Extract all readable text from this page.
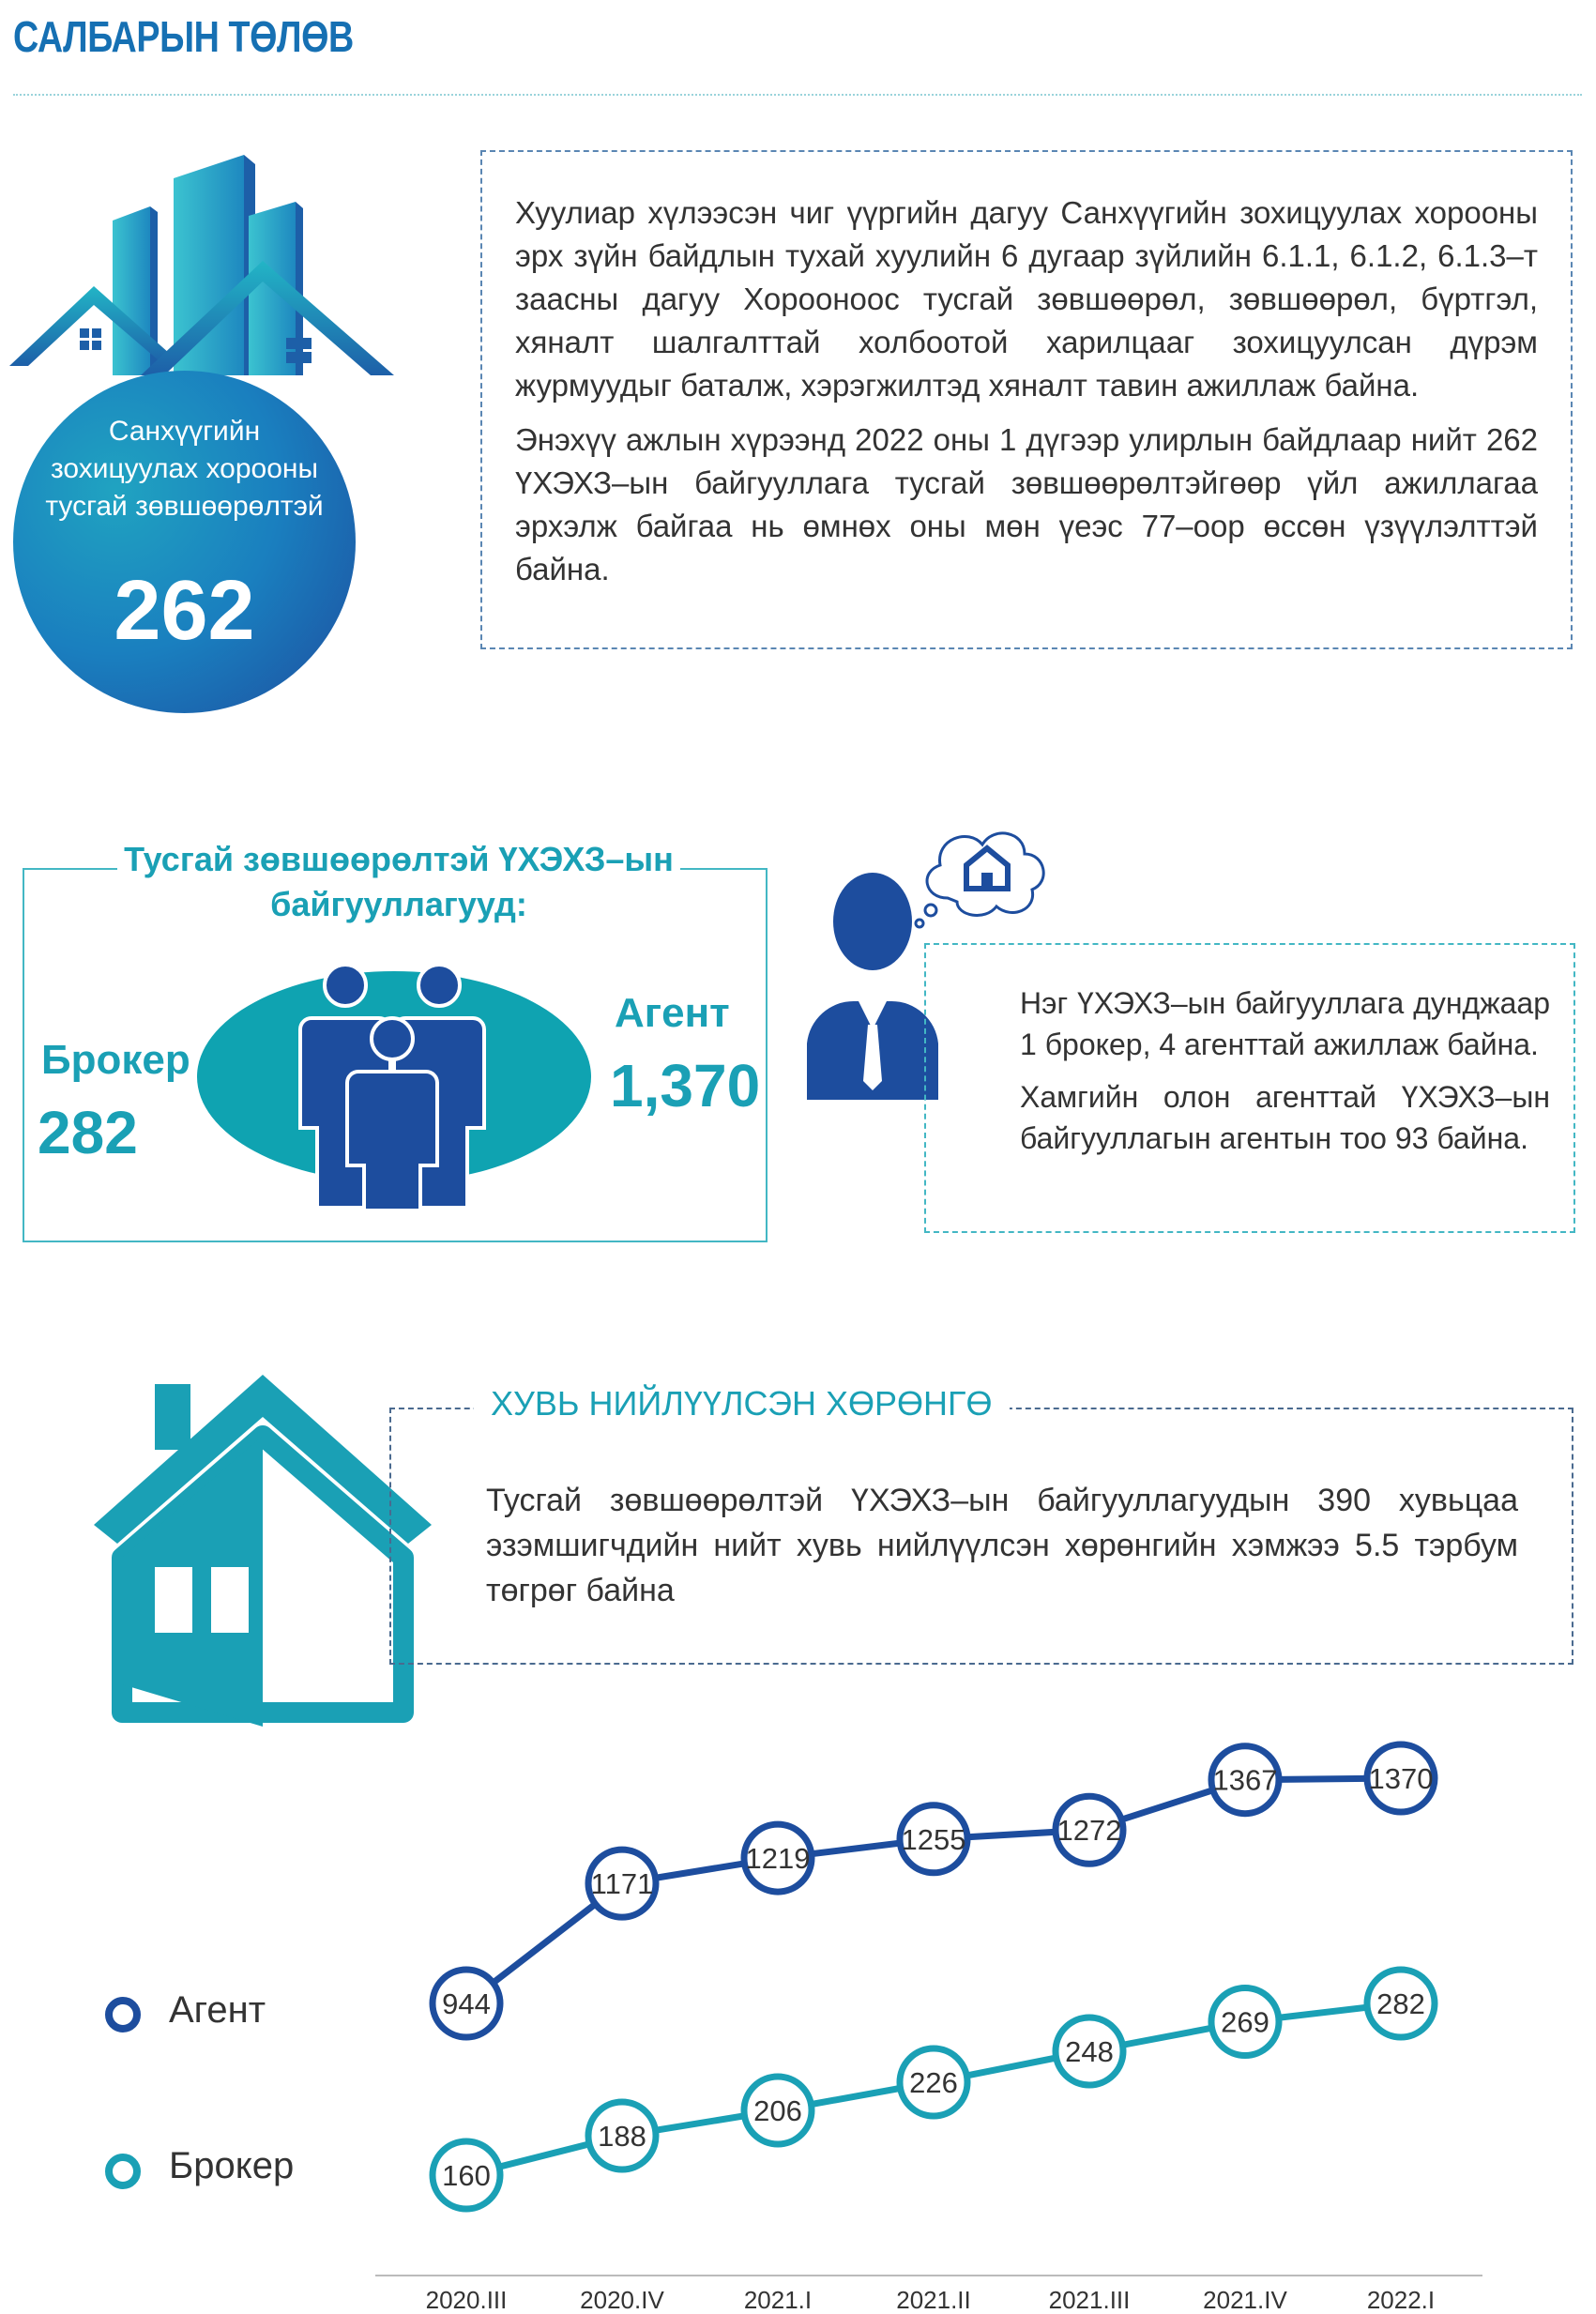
САЛБАРЫН ТӨЛӨВ
Санхүүгийн зохицуулах хорооны тусгай зөвшөөрөлтэй
262

Хуулиар хүлээсэн чиг үүргийн дагуу Санхүүгийн зохицуулах хорооны эрх зүйн байдлын тухай хуулийн 6 дугаар зүйлийн 6.1.1, 6.1.2, 6.1.3–т заасны дагуу Хорооноос тусгай зөвшөөрөл, зөвшөөрөл, бүртгэл, хяналт шалгалттай холбоотой харилцааг зохицуулсан дүрэм журмуудыг баталж, хэрэгжилтэд хяналт тавин ажиллаж байна.

Энэхүү ажлын хүрээнд 2022 оны 1 дүгээр улирлын байдлаар нийт 262 ҮХЭХЗ–ын байгууллага тусгай зөвшөөрөлтэйгөөр үйл ажиллагаа эрхэлж байгаа нь өмнөх оны мөн үеэс 77–оор өссөн үзүүлэлттэй байна.

Тусгай зөвшөөрөлтэй ҮХЭХЗ–ын байгууллагууд:
Брокер
282
Агент
1,370

Нэг ҮХЭХЗ–ын байгууллага дунджаар 1 брокер, 4 агенттай ажиллаж байна.

Хамгийн олон агенттай ҮХЭХЗ–ын байгууллагын агентын тоо 93 байна.

ХУВЬ НИЙЛҮҮЛСЭН ХӨРӨНГӨ

Тусгай зөвшөөрөлтэй ҮХЭХЗ–ын байгууллагуудын 390 хувьцаа эзэмшигчдийн нийт хувь нийлүүлсэн хөрөнгийн хэмжээ 5.5 тэрбум төгрөг байна

Агент
Брокер
2020.III	2020.IV	2021.I	2021.II	2021.III	2021.IV	2022.I
944
1171
1219
1255	1272
1367	1370
160
188
206
226
248
269
282
